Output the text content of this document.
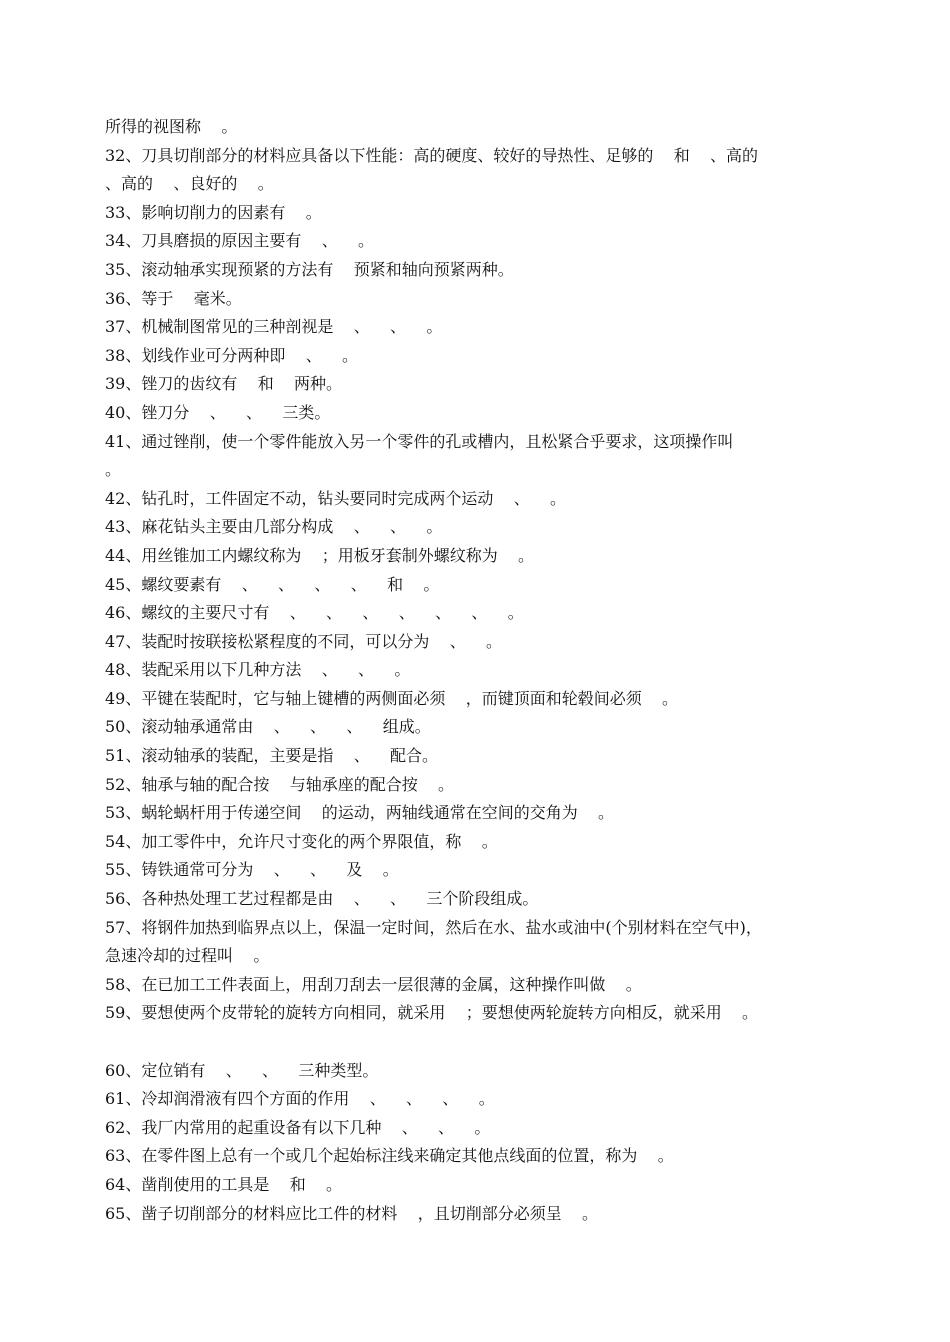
所得的视图称    。
32、刀具切削部分的材料应具备以下性能：高的硬度、较好的导热性、足够的    和    、高的
、高的    、良好的    。
33、影响切削力的因素有    。
34、刀具磨损的原因主要有    、    。
35、滚动轴承实现预紧的方法有    预紧和轴向预紧两种。
36、等于    毫米。
37、机械制图常见的三种剖视是    、    、    。
38、划线作业可分两种即    、    。
39、锉刀的齿纹有    和    两种。
40、锉刀分    、    、    三类。
41、通过锉削，使一个零件能放入另一个零件的孔或槽内，且松紧合乎要求，这项操作叫
。
42、钻孔时，工件固定不动，钻头要同时完成两个运动    、    。
43、麻花钻头主要由几部分构成    、    、    。
44、用丝锥加工内螺纹称为    ；用板牙套制外螺纹称为    。
45、螺纹要素有    、    、    、    、    和    。
46、螺纹的主要尺寸有    、    、    、    、    、    、    。
47、装配时按联接松紧程度的不同，可以分为    、    。
48、装配采用以下几种方法    、    、    。
49、平键在装配时，它与轴上键槽的两侧面必须    ，而键顶面和轮毂间必须    。
50、滚动轴承通常由    、    、    、    组成。
51、滚动轴承的装配，主要是指    、    配合。
52、轴承与轴的配合按    与轴承座的配合按    。
53、蜗轮蜗杆用于传递空间    的运动，两轴线通常在空间的交角为    。
54、加工零件中，允许尺寸变化的两个界限值，称    。
55、铸铁通常可分为    、    、    及    。
56、各种热处理工艺过程都是由    、    、    三个阶段组成。
57、将钢件加热到临界点以上，保温一定时间，然后在水、盐水或油中(个别材料在空气中)，
急速冷却的过程叫    。
58、在已加工工件表面上，用刮刀刮去一层很薄的金属，这种操作叫做    。
59、要想使两个皮带轮的旋转方向相同，就采用    ；要想使两轮旋转方向相反，就采用    。
60、定位销有    、    、    三种类型。
61、冷却润滑液有四个方面的作用    、    、    、    。
62、我厂内常用的起重设备有以下几种    、    、    。
63、在零件图上总有一个或几个起始标注线来确定其他点线面的位置，称为    。
64、凿削使用的工具是    和    。
65、凿子切削部分的材料应比工件的材料    ，且切削部分必须呈    。
